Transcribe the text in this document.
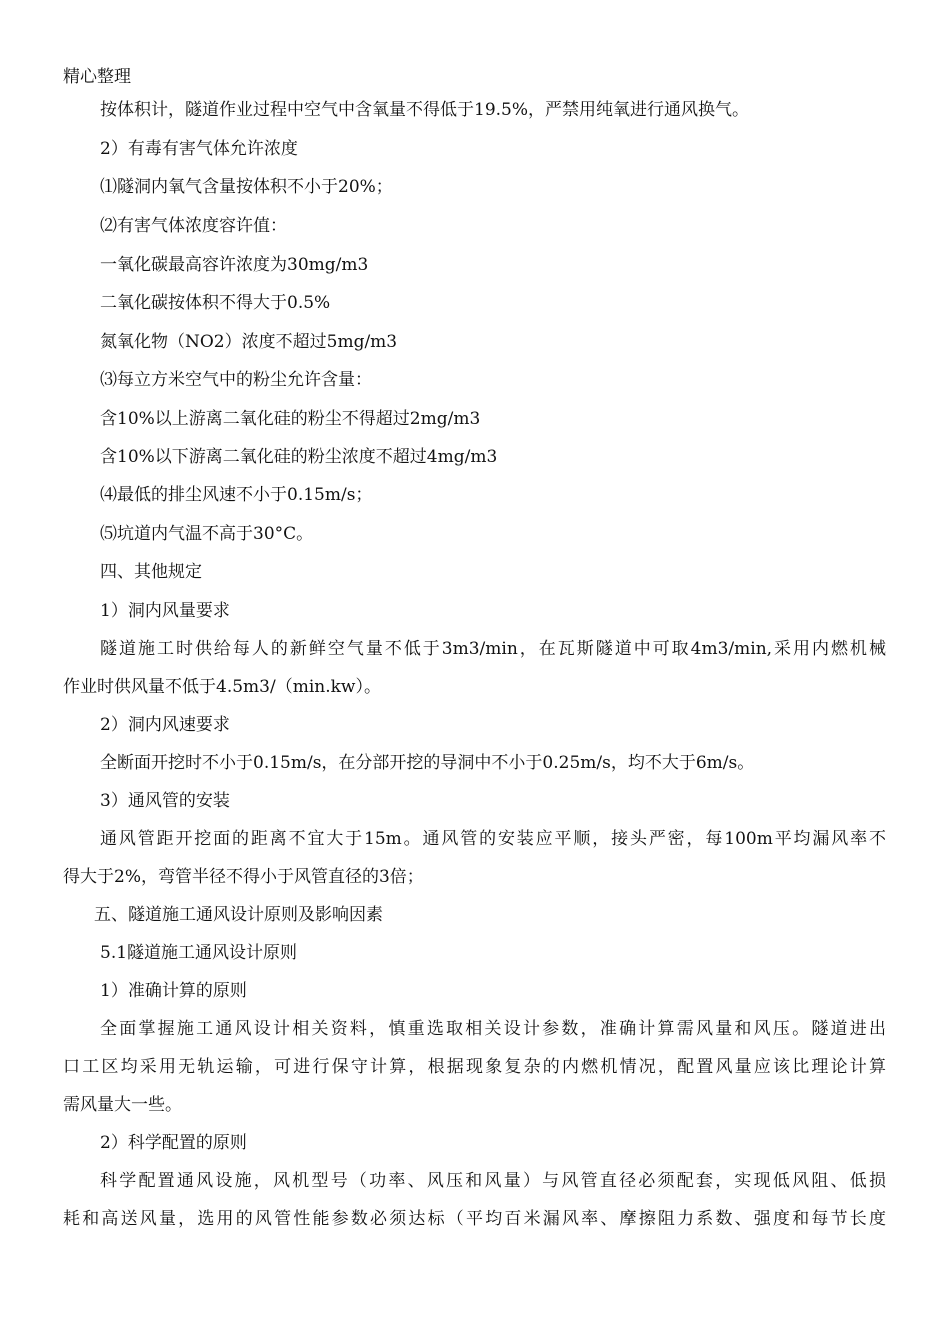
精心整理
按体积计，隧道作业过程中空气中含氧量不得低于19.5%，严禁用纯氧进行通风换气。
2）有毒有害气体允许浓度
⑴隧洞内氧气含量按体积不小于20%；
⑵有害气体浓度容许值：
一氧化碳最高容许浓度为30mg/m3
二氧化碳按体积不得大于0.5%
氮氧化物（NO2）浓度不超过5mg/m3
⑶每立方米空气中的粉尘允许含量：
含10%以上游离二氧化硅的粉尘不得超过2mg/m3
含10%以下游离二氧化硅的粉尘浓度不超过4mg/m3
⑷最低的排尘风速不小于0.15m/s；
⑸坑道内气温不高于30°C。
四、其他规定
1）洞内风量要求
隧道施工时供给每人的新鲜空气量不低于3m3/min，在瓦斯隧道中可取4m3/min,采用内燃机械
作业时供风量不低于4.5m3/（min.kw）。
2）洞内风速要求
全断面开挖时不小于0.15m/s，在分部开挖的导洞中不小于0.25m/s，均不大于6m/s。
3）通风管的安装
通风管距开挖面的距离不宜大于15m。通风管的安装应平顺，接头严密，每100m平均漏风率不
得大于2%，弯管半径不得小于风管直径的3倍；
五、隧道施工通风设计原则及影响因素
5.1隧道施工通风设计原则
1）准确计算的原则
全面掌握施工通风设计相关资料，慎重选取相关设计参数，准确计算需风量和风压。隧道进出
口工区均采用无轨运输，可进行保守计算，根据现象复杂的内燃机情况，配置风量应该比理论计算
需风量大一些。
2）科学配置的原则
科学配置通风设施，风机型号（功率、风压和风量）与风管直径必须配套，实现低风阻、低损
耗和高送风量，选用的风管性能参数必须达标（平均百米漏风率、摩擦阻力系数、强度和每节长度
